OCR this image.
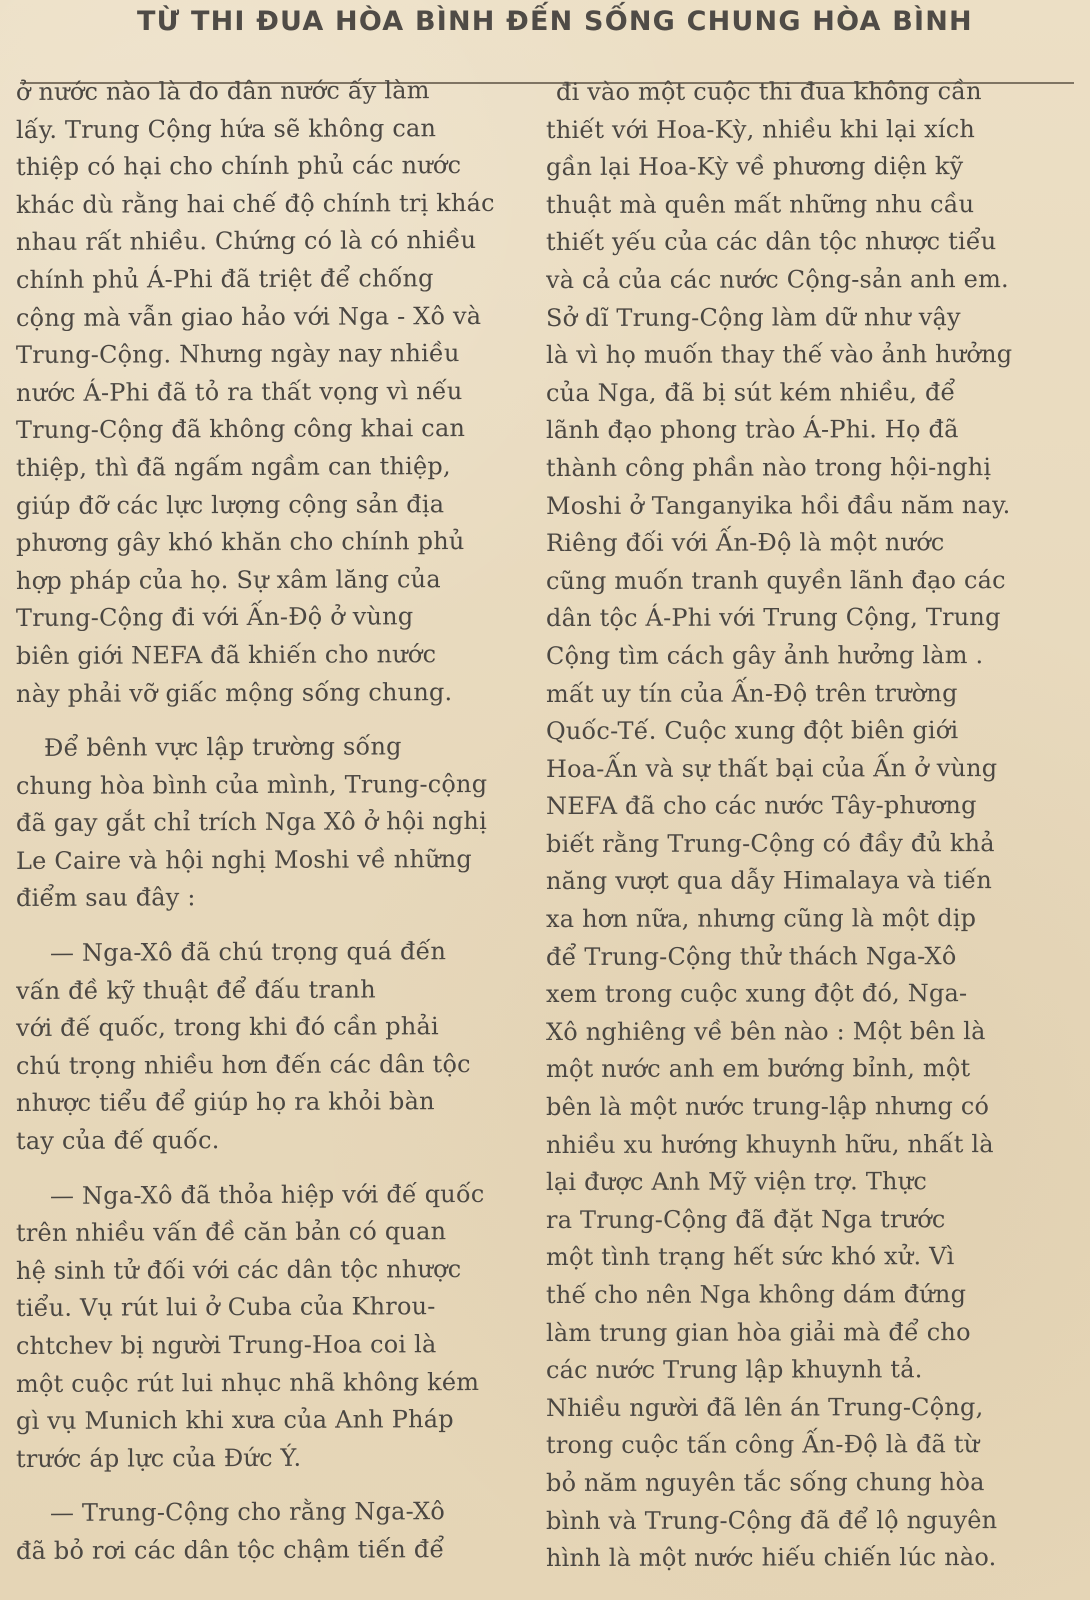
TỪ THI ĐUA HÒA BÌNH ĐẾN SỐNG CHUNG HÒA BÌNH
ở nước nào là do dân nước ấy làm
lấy. Trung Cộng hứa sẽ không can
thiệp có hại cho chính phủ các nước
khác dù rằng hai chế độ chính trị khác
nhau rất nhiều. Chứng có là có nhiều
chính phủ Á-Phi đã triệt để chống
cộng mà vẫn giao hảo với Nga - Xô và
Trung-Cộng. Nhưng ngày nay nhiều
nước Á-Phi đã tỏ ra thất vọng vì nếu
Trung-Cộng đã không công khai can
thiệp, thì đã ngấm ngầm can thiệp,
giúp đỡ các lực lượng cộng sản địa
phương gây khó khăn cho chính phủ
hợp pháp của họ. Sự xâm lăng của
Trung-Cộng đi với Ấn-Độ ở vùng
biên giới NEFA đã khiến cho nước
này phải vỡ giấc mộng sống chung.
Để bênh vực lập trường sống
chung hòa bình của mình, Trung-cộng
đã gay gắt chỉ trích Nga Xô ở hội nghị
Le Caire và hội nghị Moshi về những
điểm sau đây :
— Nga-Xô đã chú trọng quá đến
vấn đề kỹ thuật để đấu tranh
với đế quốc, trong khi đó cần phải
chú trọng nhiều hơn đến các dân tộc
nhược tiểu để giúp họ ra khỏi bàn
tay của đế quốc.
— Nga-Xô đã thỏa hiệp với đế quốc
trên nhiều vấn đề căn bản có quan
hệ sinh tử đối với các dân tộc nhược
tiểu. Vụ rút lui ở Cuba của Khrou-
chtchev bị người Trung-Hoa coi là
một cuộc rút lui nhục nhã không kém
gì vụ Munich khi xưa của Anh Pháp
trước áp lực của Đức Ý.
— Trung-Cộng cho rằng Nga-Xô
đã bỏ rơi các dân tộc chậm tiến để
đi vào một cuộc thi đua không cần
thiết với Hoa-Kỳ, nhiều khi lại xích
gần lại Hoa-Kỳ về phương diện kỹ
thuật mà quên mất những nhu cầu
thiết yếu của các dân tộc nhược tiểu
và cả của các nước Cộng-sản anh em.
Sở dĩ Trung-Cộng làm dữ như vậy
là vì họ muốn thay thế vào ảnh hưởng
của Nga, đã bị sút kém nhiều, để
lãnh đạo phong trào Á-Phi. Họ đã
thành công phần nào trong hội-nghị
Moshi ở Tanganyika hồi đầu năm nay.
Riêng đối với Ấn-Độ là một nước
cũng muốn tranh quyền lãnh đạo các
dân tộc Á-Phi với Trung Cộng, Trung
Cộng tìm cách gây ảnh hưởng làm .
mất uy tín của Ấn-Độ trên trường
Quốc-Tế. Cuộc xung đột biên giới
Hoa-Ấn và sự thất bại của Ấn ở vùng
NEFA đã cho các nước Tây-phương
biết rằng Trung-Cộng có đầy đủ khả
năng vượt qua dẫy Himalaya và tiến
xa hơn nữa, nhưng cũng là một dịp
để Trung-Cộng thử thách Nga-Xô
xem trong cuộc xung đột đó, Nga-
Xô nghiêng về bên nào : Một bên là
một nước anh em bướng bỉnh, một
bên là một nước trung-lập nhưng có
nhiều xu hướng khuynh hữu, nhất là
lại được Anh Mỹ viện trợ. Thực
ra Trung-Cộng đã đặt Nga trước
một tình trạng hết sức khó xử. Vì
thế cho nên Nga không dám đứng
làm trung gian hòa giải mà để cho
các nước Trung lập khuynh tả.
Nhiều người đã lên án Trung-Cộng,
trong cuộc tấn công Ấn-Độ là đã từ
bỏ năm nguyên tắc sống chung hòa
bình và Trung-Cộng đã để lộ nguyên
hình là một nước hiếu chiến lúc nào.
